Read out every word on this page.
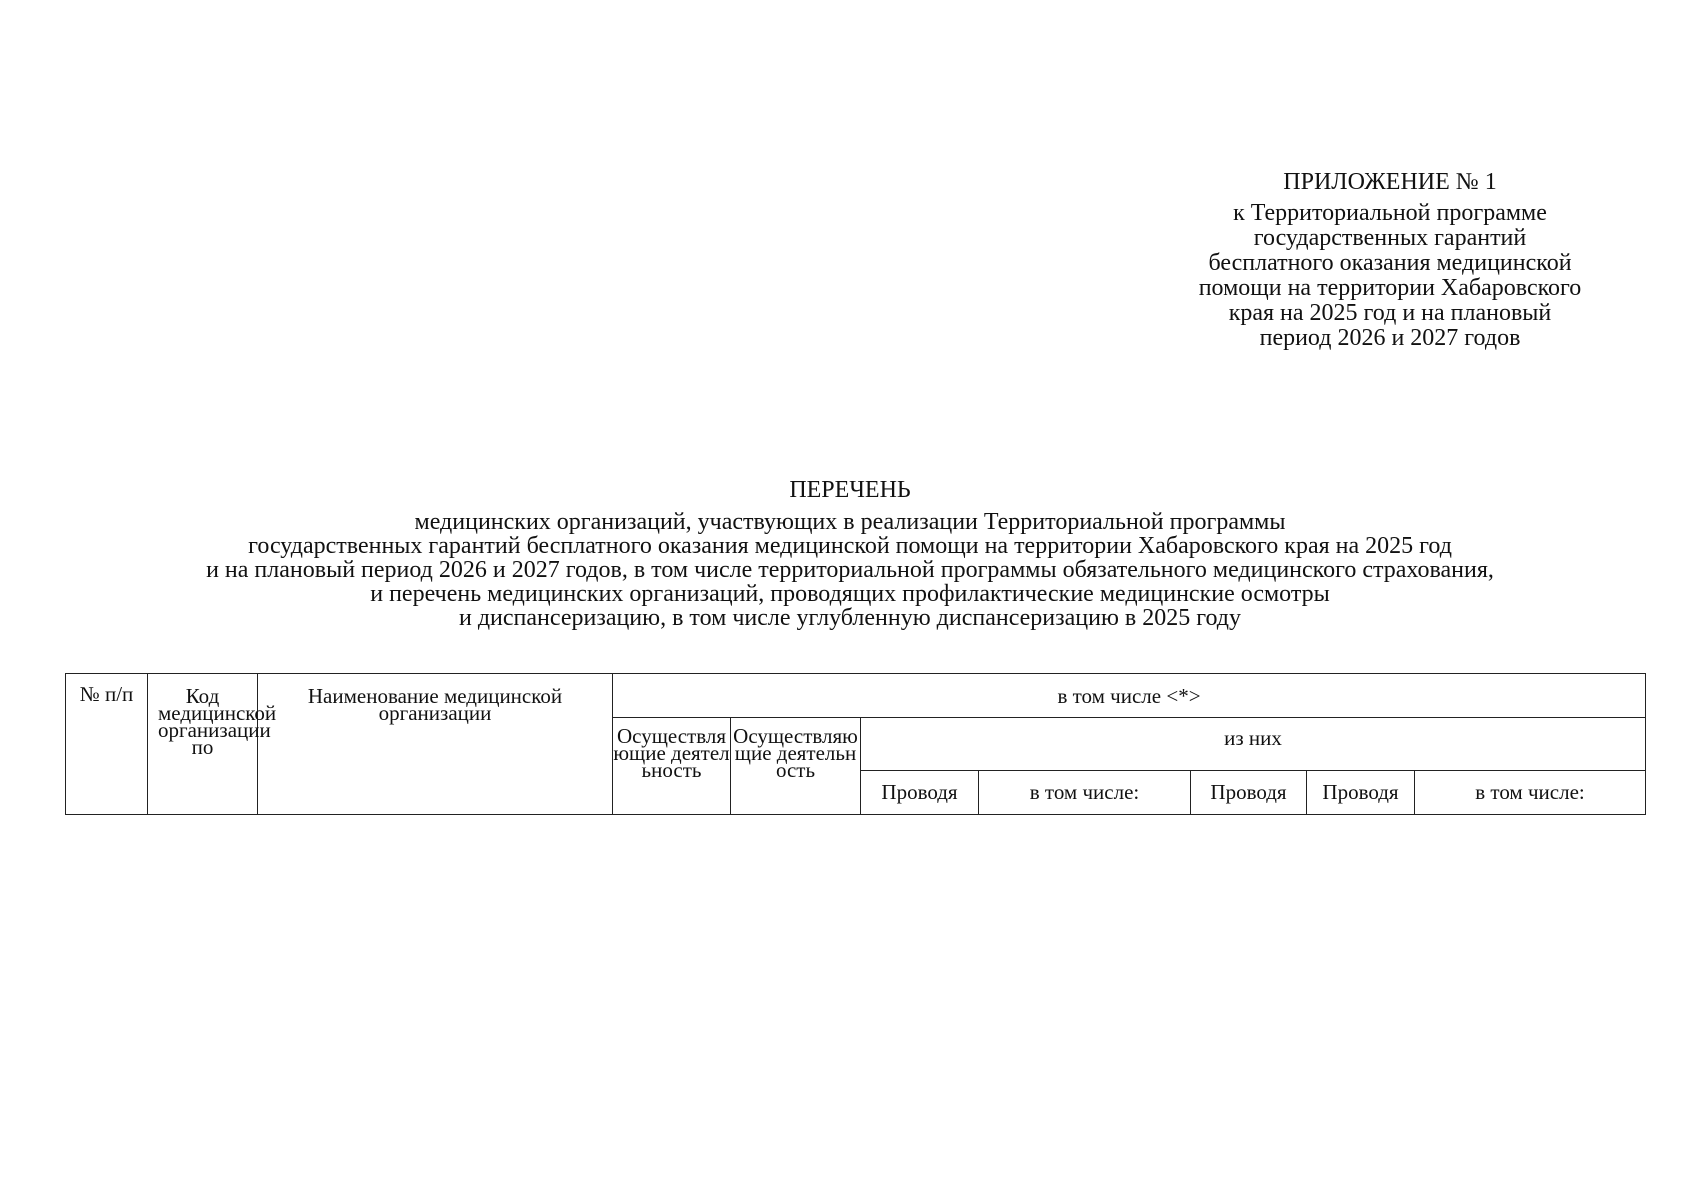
ПРИЛОЖЕНИЕ № 1
к Территориальной программе
государственных гарантий
бесплатного оказания медицинской
помощи на территории Хабаровского
края на 2025 год и на плановый
период 2026 и 2027 годов
ПЕРЕЧЕНЬ
медицинских организаций, участвующих в реализации Территориальной программы
государственных гарантий бесплатного оказания медицинской помощи на территории Хабаровского края на 2025 год
и на плановый период 2026 и 2027 годов, в том числе территориальной программы обязательного медицинского страхования,
и перечень медицинских организаций, проводящих профилактические медицинские осмотры
и диспансеризацию, в том числе углубленную диспансеризацию в 2025 году
№ п/п	Код медицинской организации по	Наименование медицинской организации	в том числе <*>						

			Осуществляющие деятельность	Осуществляющие деятельность	из них				

					Проводя	в том числе:	Проводя	Проводя	в том числе:
